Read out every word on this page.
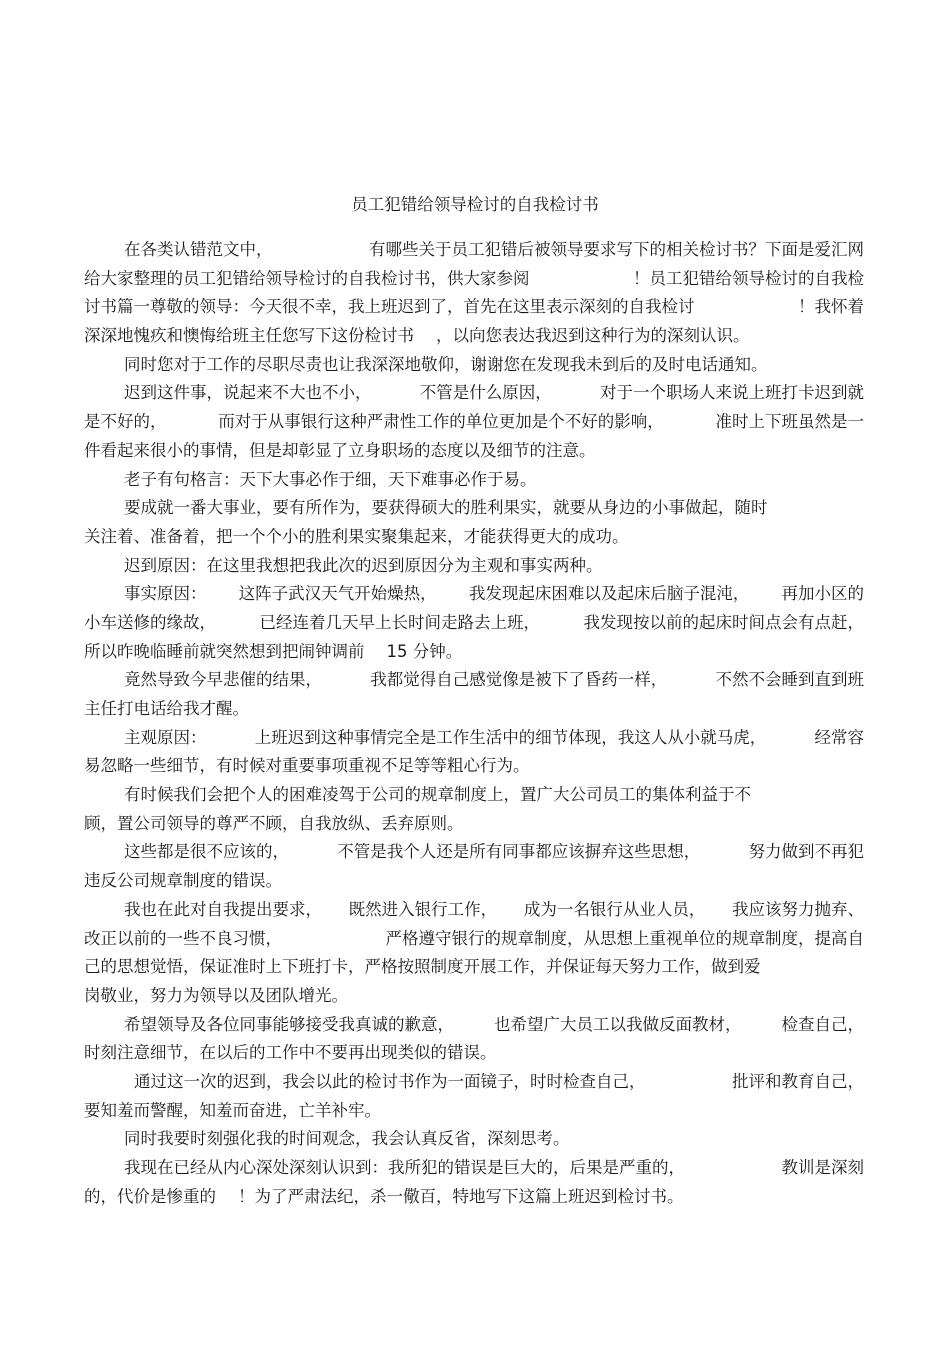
员工犯错给领导检讨的自我检讨书
在各类认错范文中，	有哪些关于员工犯错后被领导要求写下的相关检讨书？下面是爱汇网
给大家整理的员工犯错给领导检讨的自我检讨书，供大家参阅	！员工犯错给领导检讨的自我检
讨书篇一尊敬的领导：今天很不幸，我上班迟到了，首先在这里表示深刻的自我检讨	！我怀着
深深地愧疚和懊悔给班主任您写下这份检讨书 ，以向您表达我迟到这种行为的深刻认识。
同时您对于工作的尽职尽责也让我深深地敬仰，谢谢您在发现我未到后的及时电话通知。
迟到这件事，说起来不大也不小，	不管是什么原因，	对于一个职场人来说上班打卡迟到就
是不好的，	而对于从事银行这种严肃性工作的单位更加是个不好的影响，	准时上下班虽然是一
件看起来很小的事情，但是却彰显了立身职场的态度以及细节的注意。
老子有句格言：天下大事必作于细，天下难事必作于易。
要成就一番大事业，要有所作为，要获得硕大的胜利果实，就要从身边的小事做起，随时
关注着、准备着，把一个个小的胜利果实聚集起来，才能获得更大的成功。
迟到原因：在这里我想把我此次的迟到原因分为主观和事实两种。
事实原因： 这阵子武汉天气开始燥热， 我发现起床困难以及起床后脑子混沌， 再加小区的
小车送修的缘故，	已经连着几天早上长时间走路去上班，	我发现按以前的起床时间点会有点赶，
所以昨晚临睡前就突然想到把闹钟调前 15 分钟。
竟然导致今早悲催的结果，	我都觉得自己感觉像是被下了昏药一样，	不然不会睡到直到班
主任打电话给我才醒。
主观原因：	上班迟到这种事情完全是工作生活中的细节体现，我这人从小就马虎，	经常容
易忽略一些细节，有时候对重要事项重视不足等等粗心行为。
有时候我们会把个人的困难凌驾于公司的规章制度上，置广大公司员工的集体利益于不
顾，置公司领导的尊严不顾，自我放纵、丢弃原则。
这些都是很不应该的，	不管是我个人还是所有同事都应该摒弃这些思想，	努力做到不再犯
违反公司规章制度的错误。
我也在此对自我提出要求， 既然进入银行工作， 成为一名银行从业人员， 我应该努力抛弃、
改正以前的一些不良习惯，	严格遵守银行的规章制度，从思想上重视单位的规章制度，提高自
己的思想觉悟，保证准时上下班打卡，严格按照制度开展工作，并保证每天努力工作，做到爱
岗敬业，努力为领导以及团队增光。
希望领导及各位同事能够接受我真诚的歉意， 也希望广大员工以我做反面教材， 检查自己，
时刻注意细节，在以后的工作中不要再出现类似的错误。
通过这一次的迟到，我会以此的检讨书作为一面镜子，时时检查自己，	批评和教育自己，
要知羞而警醒，知羞而奋进，亡羊补牢。
同时我要时刻强化我的时间观念，我会认真反省，深刻思考。
我现在已经从内心深处深刻认识到：我所犯的错误是巨大的，后果是严重的，	教训是深刻
的，代价是惨重的 ！为了严肃法纪，杀一儆百，特地写下这篇上班迟到检讨书。
